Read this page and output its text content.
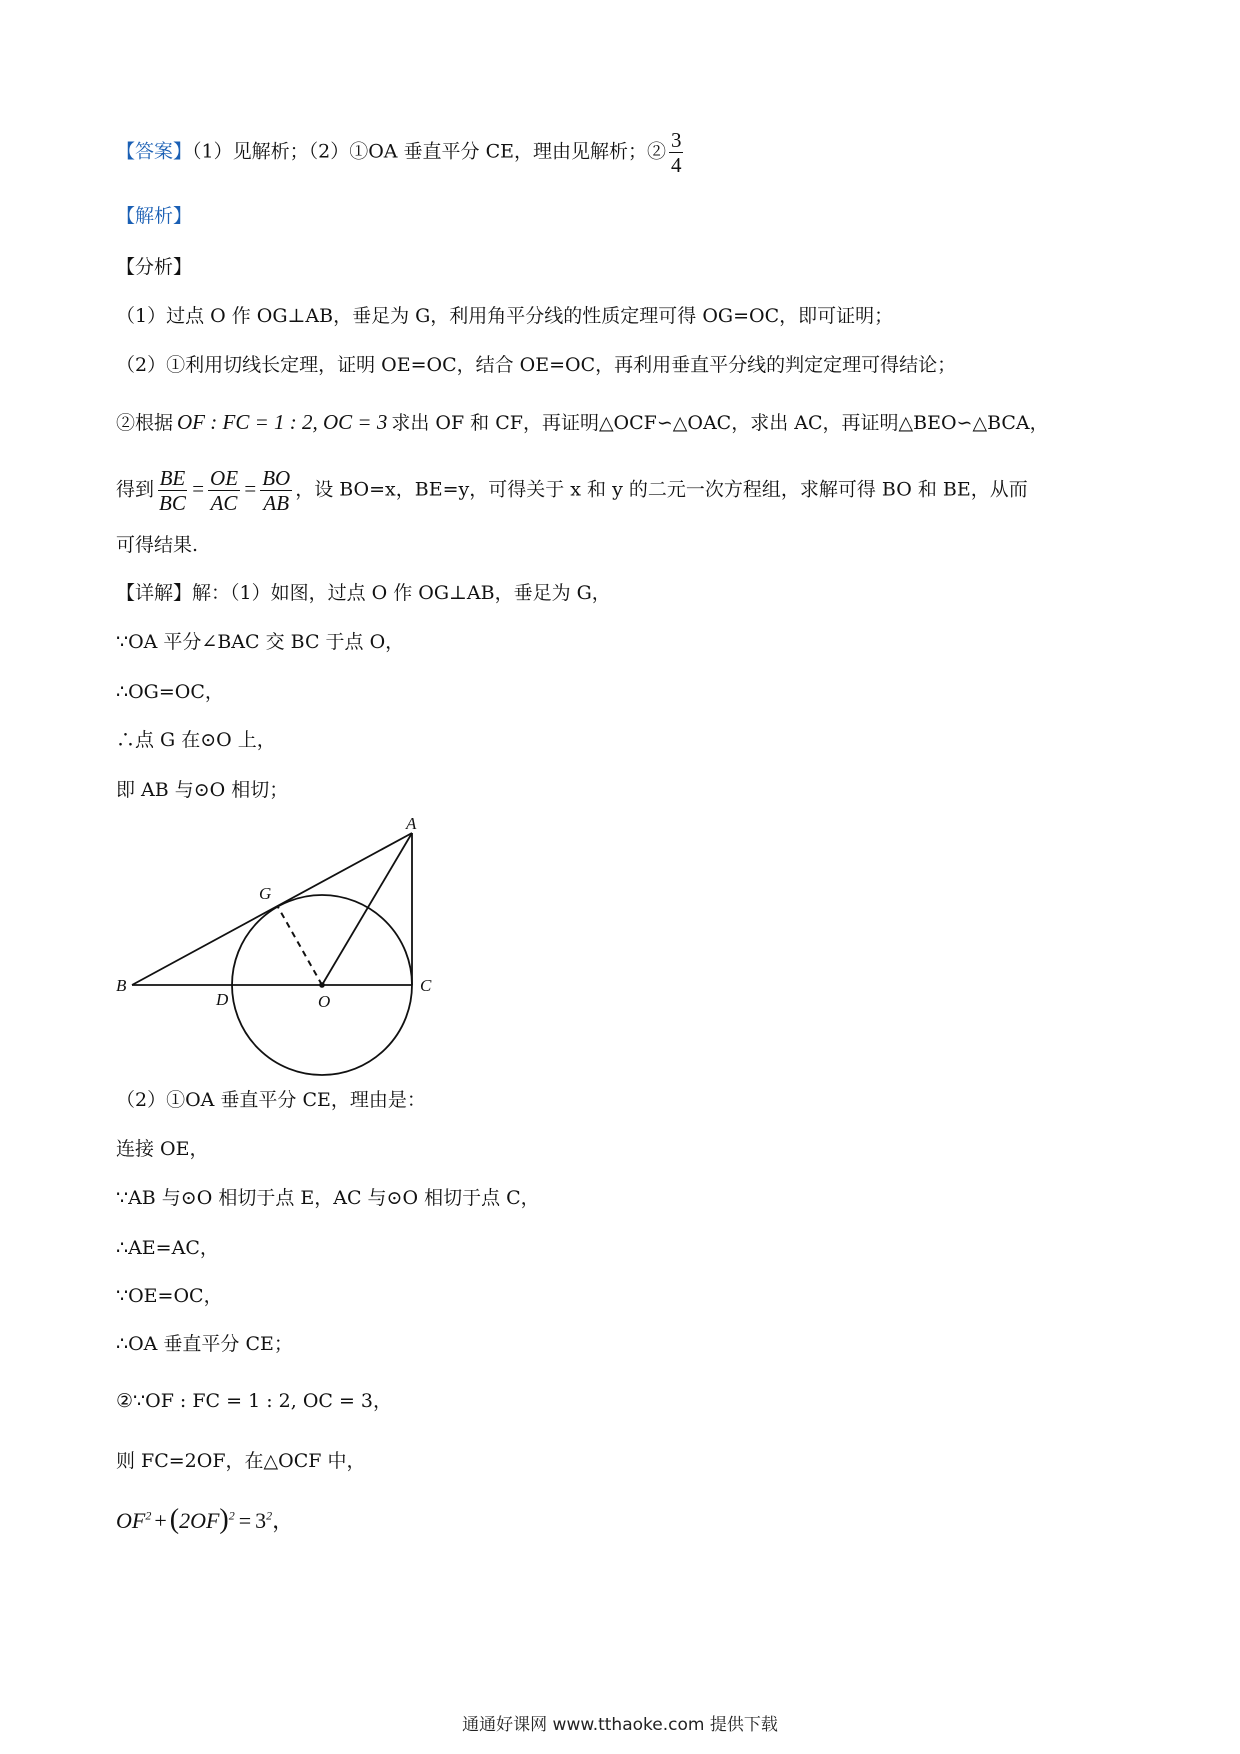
【答案】（1）见解析；（2）①OA 垂直平分 CE，理由见解析；② $\frac{3}{4}$
【解析】
【分析】
（1）过点 O 作 OG⊥AB，垂足为 G，利用角平分线的性质定理可得 OG=OC，即可证明；
（2）①利用切线长定理，证明 OE=OC，结合 OE=OC，再利用垂直平分线的判定定理可得结论；
②根据 OF : FC = 1 : 2, OC = 3 求出 OF 和 CF，再证明△OCF∽△OAC，求出 AC，再证明△BEO∽△BCA，
得到 $\frac{BE}{BC} = \frac{OE}{AC} = \frac{BO}{AB}$ ，设 BO=x，BE=y，可得关于 x 和 y 的二元一次方程组，求解可得 BO 和 BE，从而
可得结果.
【详解】解：（1）如图，过点 O 作 OG⊥AB，垂足为 G，
∵OA 平分∠BAC 交 BC 于点 O，
∴OG=OC，
∴点 G 在⊙O 上，
即 AB 与⊙O 相切；
A
B	C
D
G
O
（2）①OA 垂直平分 CE，理由是：
连接 OE，
∵AB 与⊙O 相切于点 E，AC 与⊙O 相切于点 C，
∴AE=AC，
∵OE=OC，
∴OA 垂直平分 CE；
②∵OF : FC = 1 : 2, OC = 3，
则 FC=2OF，在△OCF 中，
$OF^2 + (2OF)^2 = 3^2$，
通通好课网 www.tthaoke.com 提供下载
